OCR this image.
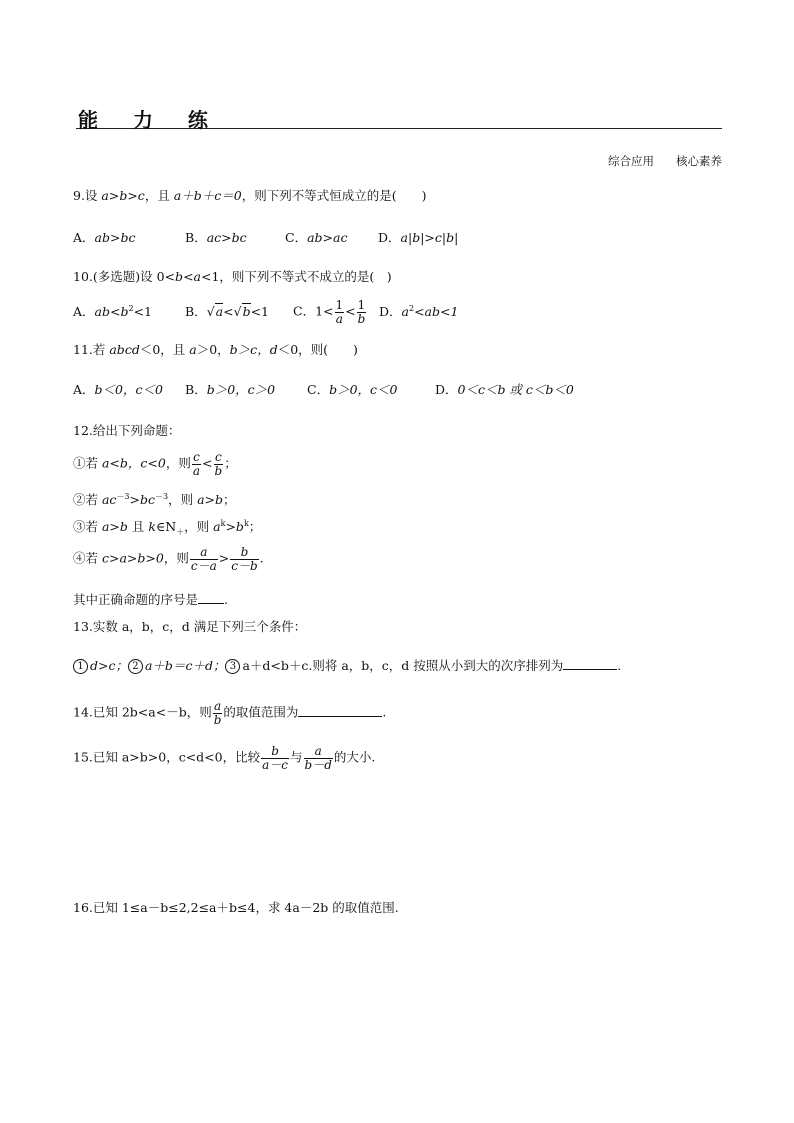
能 力 练
综合应用 核心素养
9.设 a>b>c，且 a＋b＋c＝0，则下列不等式恒成立的是(　　)
A．ab>bc	B．ac>bc	C．ab>ac D．a|b|>c|b|
10.(多选题)设 0<b<a<1，则下列不等式不成立的是(　)
A．$ab<b^2<1$	B．√a<√b<1 C．$1< \frac{1}{a} < \frac{1}{b}$ D．$a^2<ab<1$
11.若 abcd＜0，且 a＞0，b＞c，d＜0，则(　　)
A．b＜0，c＜0 B．b＞0，c＞0	C．b＞0，c＜0	D．0＜c＜b 或 c＜b＜0
12.给出下列命题：
①若 a<b，c<0，则 $\frac{c}{a} < \frac{c}{b}$ ；
②若 $ac^{-3}>bc^{-3}$，则 a>b；
③若 a>b 且 $k\in N_+$，则 $a^k>b^k$；
④若 c>a>b>0，则 $\frac{a}{c-a} > \frac{b}{c-b}$ .
其中正确命题的序号是 .
13.实数 a，b，c，d 满足下列三个条件：
1 d>c； 2 a＋b＝c＋d； 3 a＋d<b＋c.则将 a，b，c，d 按照从小到大的次序排列为	.
14.已知 2b<a<－b，则 $\frac{a}{b}$ 的取值范围为	.
15.已知 a>b>0，c<d<0，比较 $\frac{b}{a-c}$ 与 $\frac{a}{b-d}$ 的大小.
16.已知 1≤a－b≤2,2≤a＋b≤4，求 4a－2b 的取值范围.
